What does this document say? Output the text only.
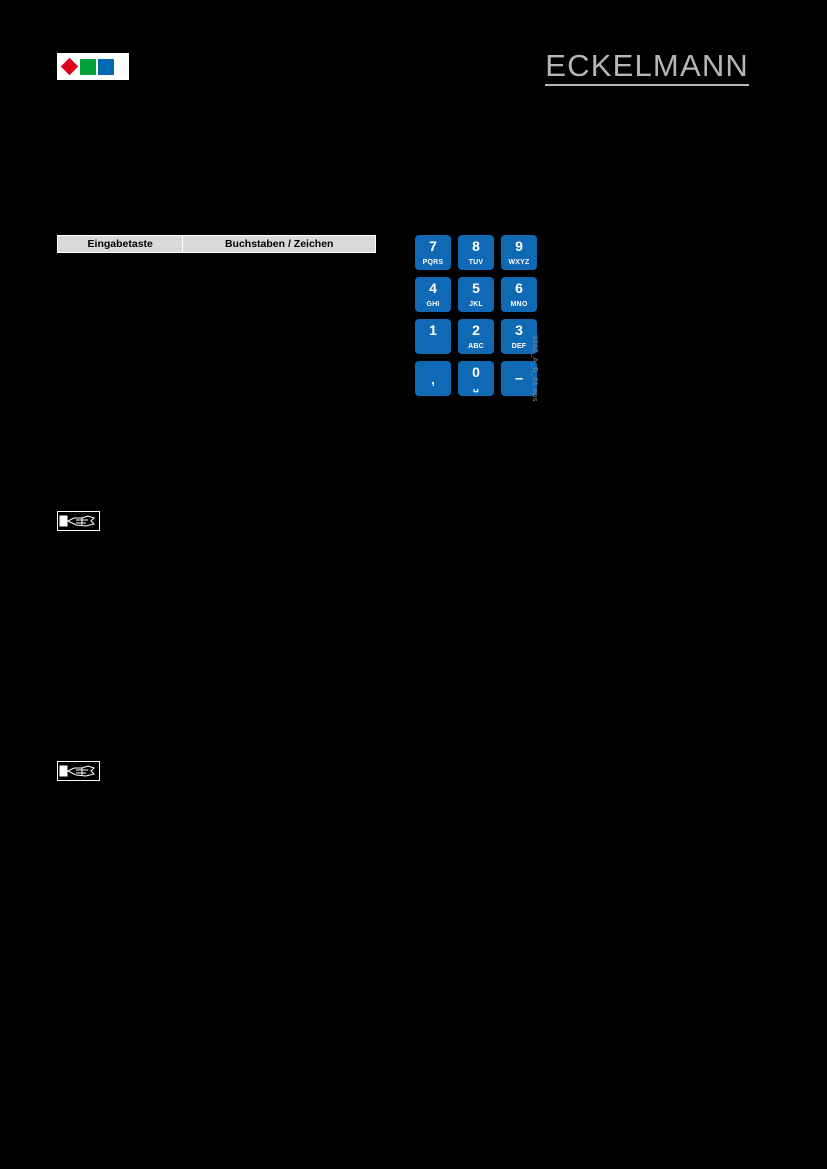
ECKELMANN
Eingabetaste	Buchstaben / Zeichen

		7
PQRS
8
TUV
9
WXYZ
4
GHI
5
JKL
6
MNO
1	2
ABC
3
DEF
,	0
␣	–	3262_A_D_01.eps
